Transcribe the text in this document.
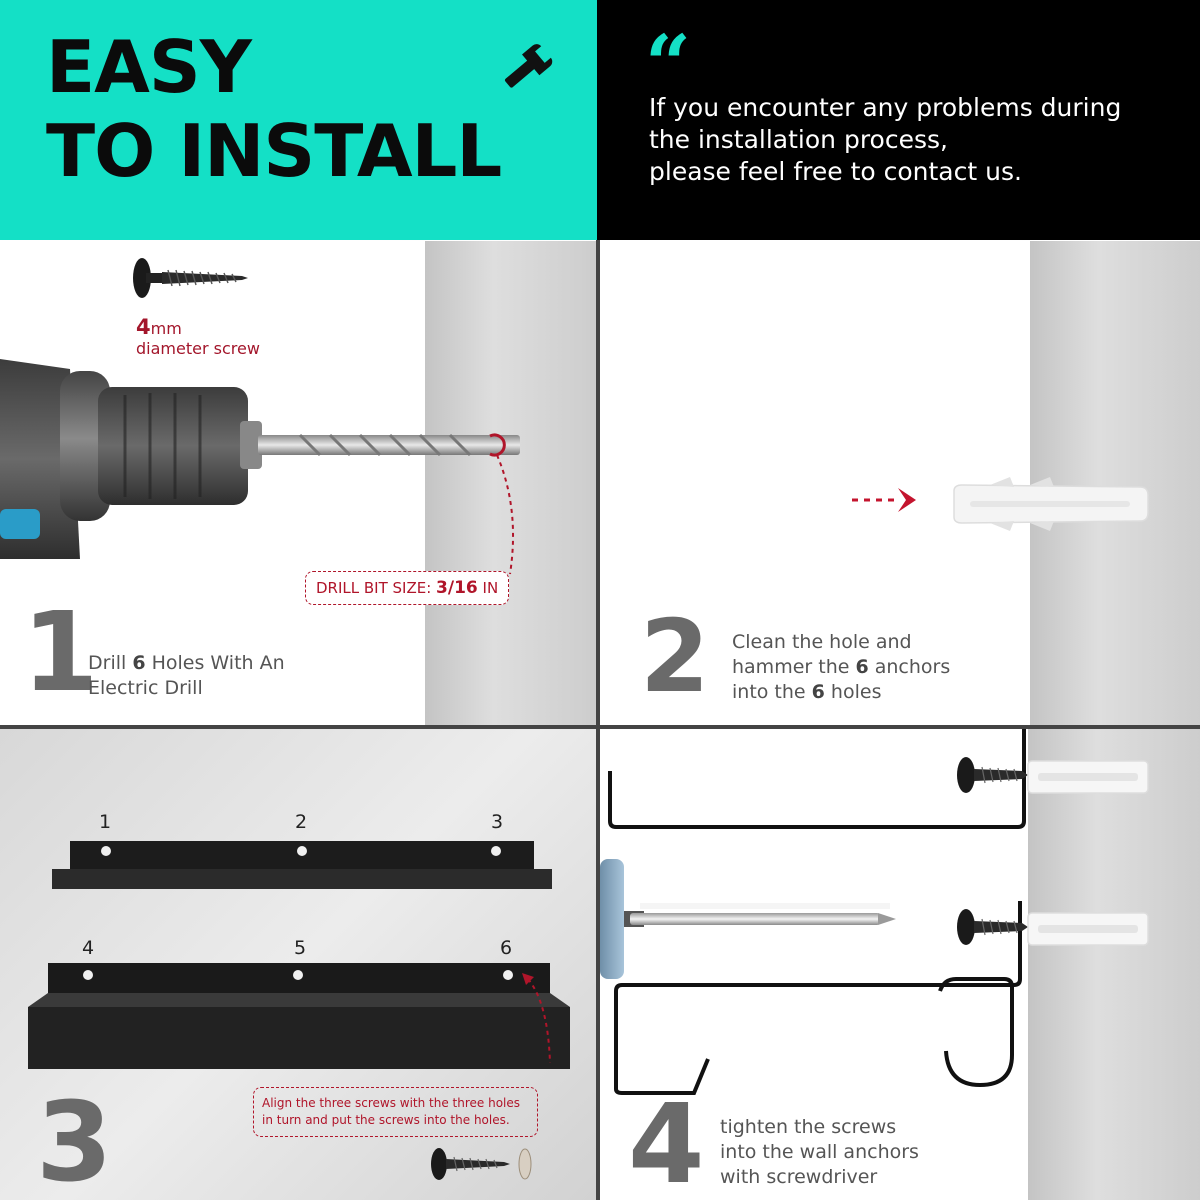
EASY
TO INSTALL
“
If you encounter any problems during
the installation process,
please feel free to contact us.
4mm
diameter screw
DRILL BIT SIZE: 3/16 IN
1
Drill 6 Holes With An
Electric Drill	2 Clean the hole and
hammer the 6 anchors
into the 6 holes
1	2	3
4	5	6
Align the three screws with the three holes
in turn and put the screws into the holes.
3	4 tighten the screws
into the wall anchors
with screwdriver
